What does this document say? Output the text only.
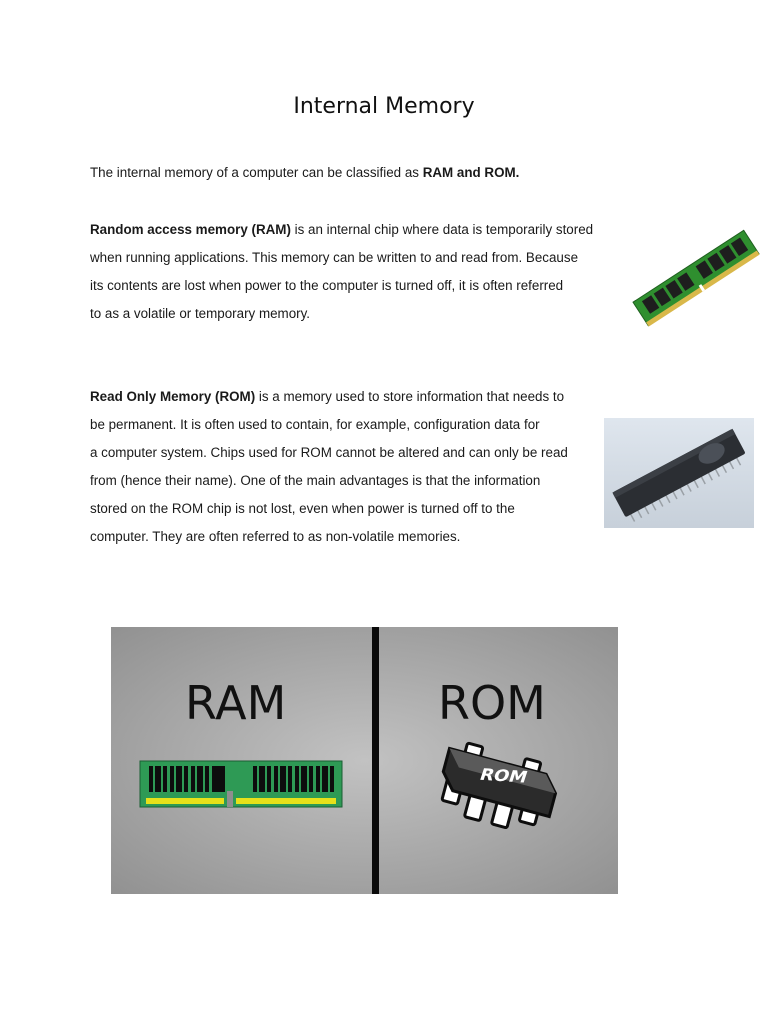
Internal Memory

The internal memory of a computer can be classified as RAM and ROM.

Random access memory (RAM) is an internal chip where data is temporarily stored
when running applications. This memory can be written to and read from. Because
its contents are lost when power to the computer is turned off, it is often referred
to as a volatile or temporary memory.

Read Only Memory (ROM) is a memory used to store information that needs to
be permanent. It is often used to contain, for example, configuration data for
a computer system. Chips used for ROM cannot be altered and can only be read
from (hence their name). One of the main advantages is that the information
stored on the ROM chip is not lost, even when power is turned off to the
computer. They are often referred to as non-volatile memories.

ROM
RAM	ROM
